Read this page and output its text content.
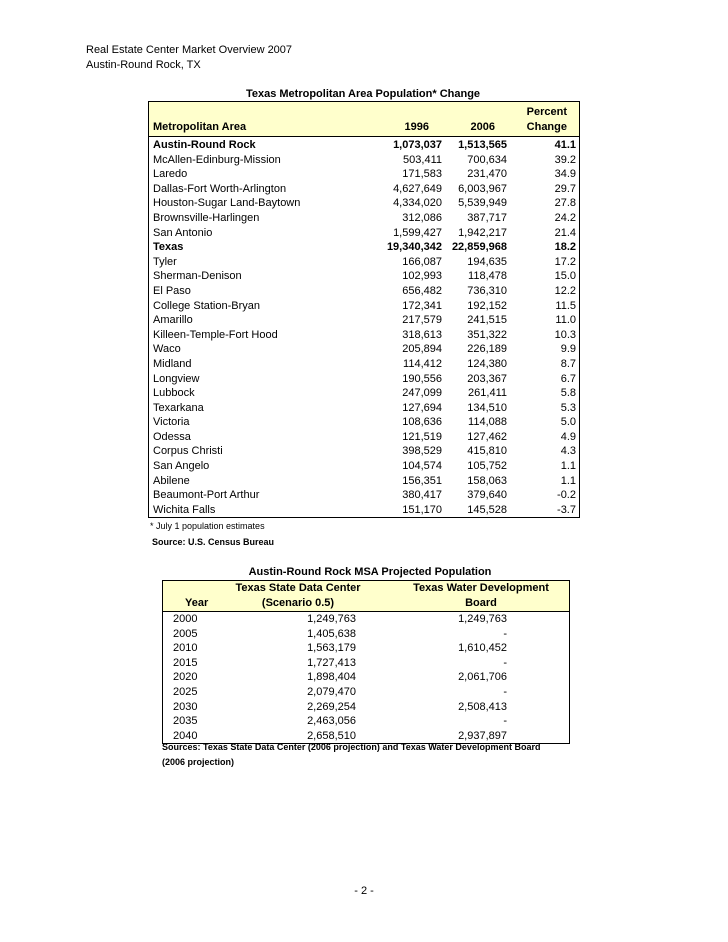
Real Estate Center Market Overview 2007
Austin-Round Rock, TX
Texas Metropolitan Area Population* Change
Metropolitan Area	1996	2006
Percent
Change
Austin-Round Rock	1,073,037 1,513,565	41.1
McAllen-Edinburg-Mission	503,411 700,634	39.2
Laredo	171,583 231,470	34.9
Dallas-Fort Worth-Arlington	4,627,649 6,003,967	29.7
Houston-Sugar Land-Baytown	4,334,020 5,539,949	27.8
Brownsville-Harlingen	312,086 387,717	24.2
San Antonio	1,599,427 1,942,217	21.4
Texas	19,340,342 22,859,968	18.2
Tyler	166,087 194,635	17.2
Sherman-Denison	102,993 118,478	15.0
El Paso	656,482 736,310	12.2
College Station-Bryan	172,341 192,152	11.5
Amarillo	217,579 241,515	11.0
Killeen-Temple-Fort Hood	318,613 351,322	10.3
Waco	205,894 226,189	9.9
Midland	114,412 124,380	8.7
Longview	190,556 203,367	6.7
Lubbock	247,099 261,411	5.8
Texarkana	127,694 134,510	5.3
Victoria	108,636 114,088	5.0
Odessa	121,519 127,462	4.9
Corpus Christi	398,529 415,810	4.3
San Angelo	104,574 105,752	1.1
Abilene	156,351 158,063	1.1
Beaumont-Port Arthur	380,417 379,640	-0.2
Wichita Falls	151,170 145,528	-3.7
* July 1 population estimates
Source: U.S. Census Bureau
Austin-Round Rock MSA Projected Population
Year
Texas State Data Center
(Scenario 0.5)
Texas Water Development
Board
2000	1,249,763	1,249,763
2005	1,405,638	-
2010	1,563,179	1,610,452
2015	1,727,413	-
2020	1,898,404	2,061,706
2025	2,079,470	-
2030	2,269,254	2,508,413
2035	2,463,056	-
2040	2,658,510	2,937,897
Sources: Texas State Data Center (2006 projection) and Texas Water Development Board
(2006 projection)
- 2 -
